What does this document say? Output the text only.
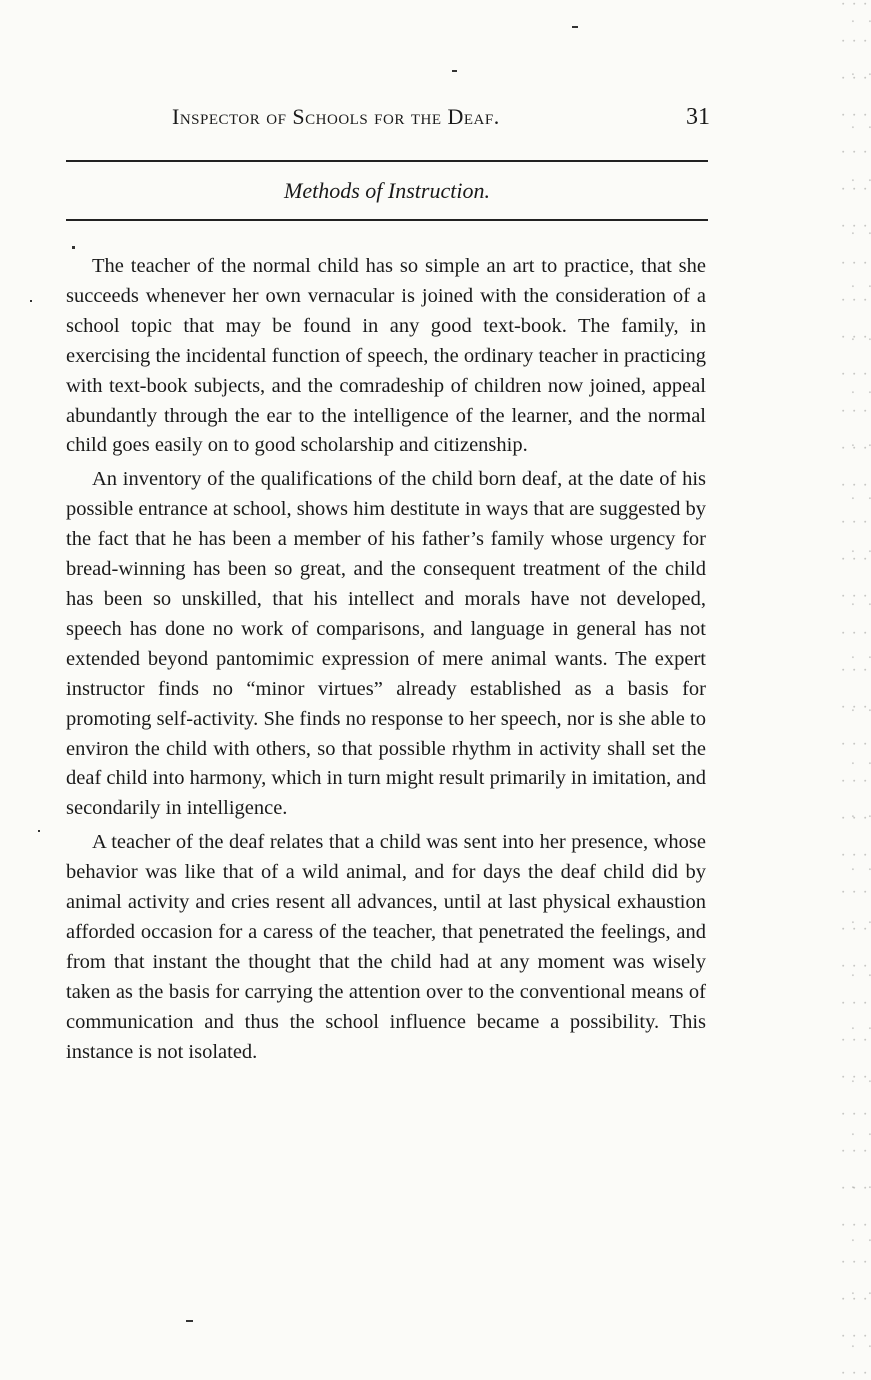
Inspector of Schools for the Deaf.	31
Methods of Instruction.

The teacher of the normal child has so simple an art to practice, that she succeeds whenever her own vernacular is joined with the consideration of a school topic that may be found in any good text-book. The family, in exercising the incidental function of speech, the ordinary teacher in practicing with text-book subjects, and the comradeship of children now joined, appeal abundantly through the ear to the intelligence of the learner, and the normal child goes easily on to good scholarship and citizenship.

An inventory of the qualifications of the child born deaf, at the date of his possible entrance at school, shows him destitute in ways that are suggested by the fact that he has been a member of his father’s family whose urgency for bread-winning has been so great, and the consequent treatment of the child has been so unskilled, that his intellect and morals have not developed, speech has done no work of comparisons, and language in general has not extended beyond pantomimic expression of mere animal wants. The expert instructor finds no “minor virtues” already established as a basis for promoting self-activity. She finds no response to her speech, nor is she able to environ the child with others, so that possible rhythm in activity shall set the deaf child into harmony, which in turn might result primarily in imitation, and secondarily in intelligence.

A teacher of the deaf relates that a child was sent into her presence, whose behavior was like that of a wild animal, and for days the deaf child did by animal activity and cries resent all advances, until at last physical exhaustion afforded occasion for a caress of the teacher, that penetrated the feelings, and from that instant the thought that the child had at any moment was wisely taken as the basis for carrying the attention over to the conventional means of communication and thus the school influence became a possibility. This instance is not isolated.
